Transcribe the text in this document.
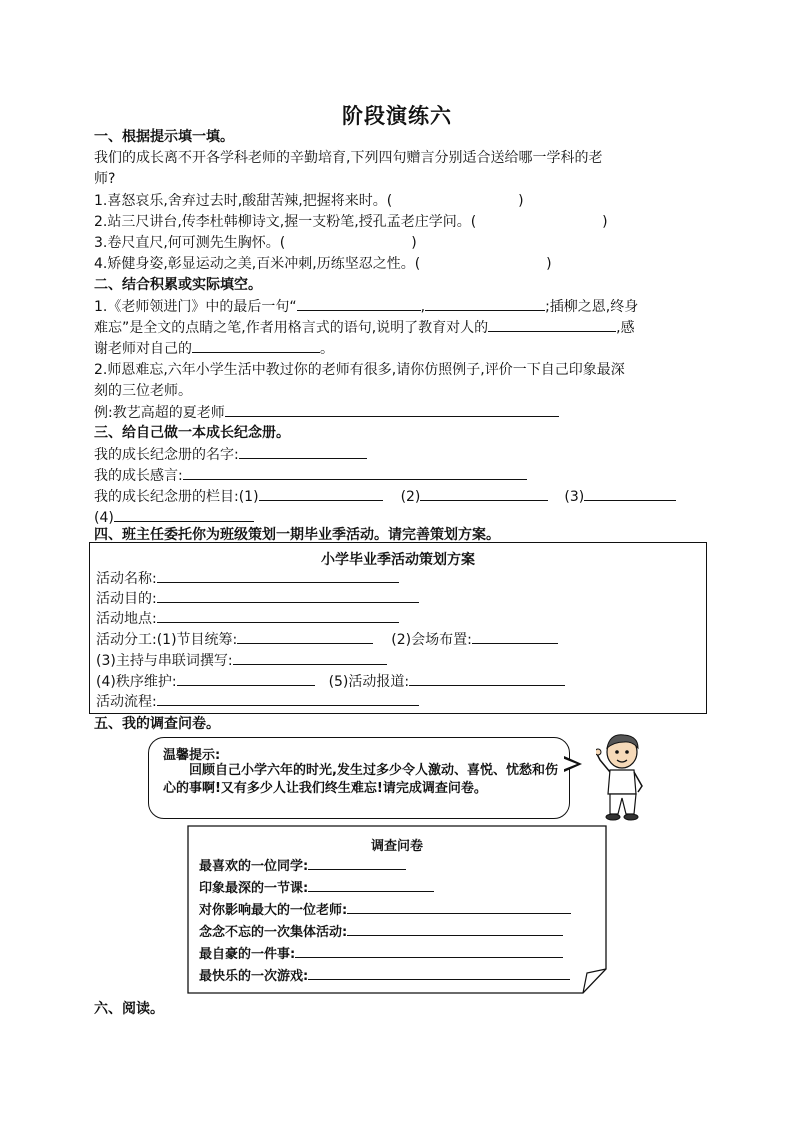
阶段演练六
一、根据提示填一填。
我们的成长离不开各学科老师的辛勤培育,下列四句赠言分别适合送给哪一学科的老
师?
1.喜怒哀乐,舍弃过去时,酸甜苦辣,把握将来时。(	)
2.站三尺讲台,传李杜韩柳诗文,握一支粉笔,授孔孟老庄学问。(	)
3.卷尺直尺,何可测先生胸怀。(	)
4.矫健身姿,彰显运动之美,百米冲刺,历练坚忍之性。(	)
二、结合积累或实际填空。
1.《老师领进门》中的最后一句“	,	;插柳之恩,终身
难忘”是全文的点睛之笔,作者用格言式的语句,说明了教育对人的	,感
谢老师对自己的	。
2.师恩难忘,六年小学生活中教过你的老师有很多,请你仿照例子,评价一下自己印象最深
刻的三位老师。
例:教艺高超的夏老师
三、给自己做一本成长纪念册。
我的成长纪念册的名字:
我的成长感言:
我的成长纪念册的栏目:(1)	(2)	(3)
(4)
四、班主任委托你为班级策划一期毕业季活动。请完善策划方案。
小学毕业季活动策划方案
活动名称:
活动目的:
活动地点:
活动分工:(1)节目统筹:	(2)会场布置:
(3)主持与串联词撰写:
(4)秩序维护:	(5)活动报道:
活动流程:
五、我的调查问卷。
温馨提示:
回顾自己小学六年的时光,发生过多少令人激动、喜悦、忧愁和伤心的事啊!又有多少人让我们终生难忘!请完成调查问卷。
调查问卷
最喜欢的一位同学:
印象最深的一节课:
对你影响最大的一位老师:
念念不忘的一次集体活动:
最自豪的一件事:
最快乐的一次游戏:
六、阅读。
